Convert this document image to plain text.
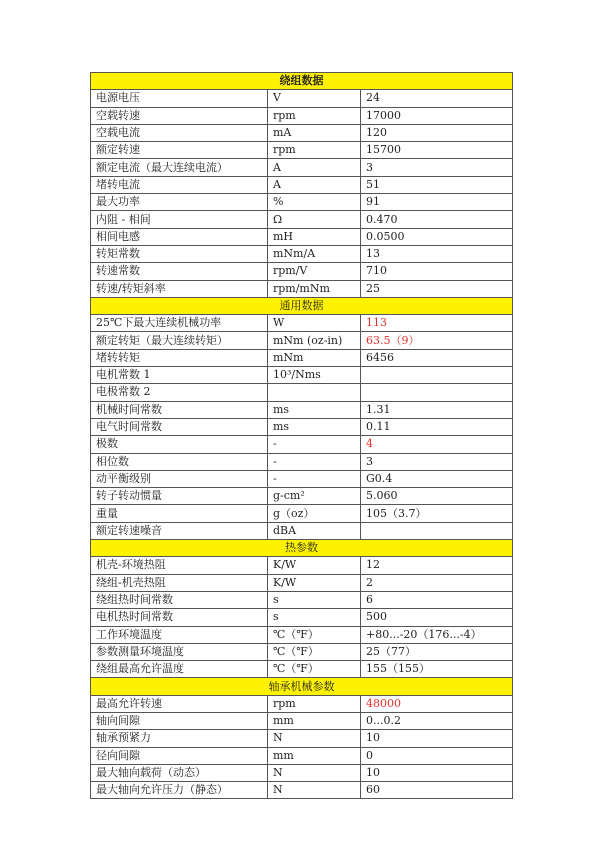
绕组数据		
电源电压	V	24
空载转速	rpm	17000
空载电流	mA	120
额定转速	rpm	15700
额定电流（最大连续电流）	A	3
堵转电流	A	51
最大功率	%	91
内阻 - 相间	Ω	0.470
相间电感	mH	0.0500
转矩常数	mNm/A	13
转速常数	rpm/V	710
转速/转矩斜率	rpm/mNm	25
通用数据		
25℃下最大连续机械功率	W	113
额定转矩（最大连续转矩）	mNm (oz-in)	63.5（9）
堵转转矩	mNm	6456
电机常数 1	10³/Nms	
电极常数 2		
机械时间常数	ms	1.31
电气时间常数	ms	0.11
极数	-	4
相位数	-	3
动平衡级别	-	G0.4
转子转动惯量	g-cm²	5.060
重量	g（oz）	105（3.7）
额定转速噪音	dBA	
热参数		
机壳-环境热阻	K/W	12
绕组-机壳热阻	K/W	2
绕组热时间常数	s	6
电机热时间常数	s	500
工作环境温度	℃（℉）	+80...-20（176...-4）
参数测量环境温度	℃（℉）	25（77）
绕组最高允许温度	℃（℉）	155（155）
轴承机械参数		
最高允许转速	rpm	48000
轴向间隙	mm	0...0.2
轴承预紧力	N	10
径向间隙	mm	0
最大轴向载荷（动态）	N	10
最大轴向允许压力（静态）	N	60
